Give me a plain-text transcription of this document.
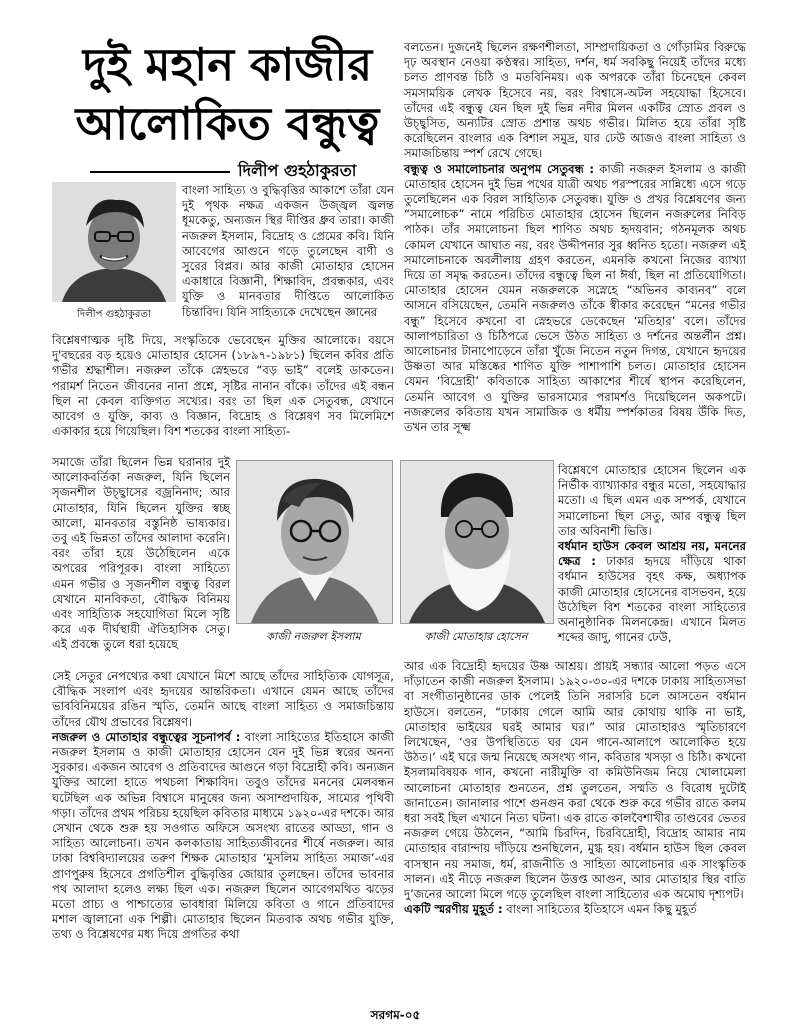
দুই মহান কাজীর
আলোকিত বন্ধুত্ব
দিলীপ গুহঠাকুরতা
দিলীপ গুহঠাকুরতা

বাংলা সাহিত্য ও বুদ্ধিবৃত্তির আকাশে তাঁরা যেন দুই পৃথক নক্ষত্র একজন উজ্জ্বল জ্বলন্ত ধূমকেতু, অন্যজন স্থির দীপ্তির ধ্রুব তারা। কাজী নজরুল ইসলাম, বিদ্রোহ ও প্রেমের কবি। যিনি আবেগের আগুনে গড়ে তুলেছেন বাণী ও সুরের বিপ্লব। আর কাজী মোতাহার হোসেন একাধারে বিজ্ঞানী, শিক্ষাবিদ, প্রবন্ধকার, এবং যুক্তি ও মানবতার দীপ্তিতে আলোকিত চিন্তাবিদ। যিনি সাহিত্যকে দেখেছেন জ্ঞানের

বিশ্লেষণাত্মক দৃষ্টি দিয়ে, সংস্কৃতিকে ভেবেছেন মুক্তির আলোকে। বয়সে দু'বছরের বড় হয়েও মোতাহার হোসেন (১৮৯৭-১৯৮১) ছিলেন কবির প্রতি গভীর শ্রদ্ধাশীল। নজরুল তাঁকে স্নেহভরে “বড় ভাই” বলেই ডাকতেন। পরামর্শ নিতেন জীবনের নানা প্রশ্নে, সৃষ্টির নানান বাঁকে। তাঁদের এই বন্ধন ছিল না কেবল ব্যক্তিগত সখ্যের। বরং তা ছিল এক সেতুবন্ধ, যেখানে আবেগ ও যুক্তি, কাব্য ও বিজ্ঞান, বিদ্রোহ ও বিশ্লেষণ সব মিলেমিশে একাকার হয়ে গিয়েছিল। বিশ শতকের বাংলা সাহিত্য-

সমাজে তাঁরা ছিলেন ভিন্ন ঘরানার দুই আলোকবর্তিকা নজরুল, যিনি ছিলেন সৃজনশীল উচ্ছ্বাসের বজ্রনিনাদ; আর মোতাহার, যিনি ছিলেন যুক্তির স্বচ্ছ আলো, মানবতার বস্তুনিষ্ঠ ভাষ্যকার। তবু এই ভিন্নতা তাঁদের আলাদা করেনি। বরং তাঁরা হয়ে উঠেছিলেন একে অপরের পরিপূরক। বাংলা সাহিত্যে এমন গভীর ও সৃজনশীল বন্ধুত্ব বিরল যেখানে মানবিকতা, বৌদ্ধিক বিনিময় এবং সাহিত্যিক সহযোগিতা মিলে সৃষ্টি করে এক দীর্ঘস্থায়ী ঐতিহাসিক সেতু। এই প্রবন্ধে তুলে ধরা হয়েছে

কাজী নজরুল ইসলাম	কাজী মোতাহার হোসেন

সেই সেতুর নেপথ্যের কথা যেখানে মিশে আছে তাঁদের সাহিত্যিক যোগসূত্র, বৌদ্ধিক সংলাপ এবং হৃদয়ের আন্তরিকতা। এখানে যেমন আছে তাঁদের ভাববিনিময়ের রঙিন স্মৃতি, তেমনি আছে বাংলা সাহিত্য ও সমাজচিন্তায় তাঁদের যৌথ প্রভাবের বিশ্লেষণ।

নজরুল ও মোতাহার বন্ধুত্বের সূচনাপর্ব : বাংলা সাহিত্যের ইতিহাসে কাজী নজরুল ইসলাম ও কাজী মোতাহার হোসেন যেন দুই ভিন্ন স্বরের অনন্য সুরকার। একজন আবেগ ও প্রতিবাদের আগুনে গড়া বিদ্রোহী কবি। অন্যজন যুক্তির আলো হাতে পথচলা শিক্ষাবিদ। তবুও তাঁদের মননের মেলবন্ধন ঘটেছিল এক অভিন্ন বিশ্বাসে মানুষের জন্য অসাম্প্রদায়িক, সাম্যের পৃথিবী গড়া। তাঁদের প্রথম পরিচয় হয়েছিল কবিতার মাধ্যমে ১৯২০-এর দশকে। আর সেখান থেকে শুরু হয় সওগাত অফিসে অসংখ্য রাতের আড্ডা, গান ও সাহিত্য আলোচনা। তখন কলকাতায় সাহিত্যজীবনের শীর্ষে নজরুল। আর ঢাকা বিশ্ববিদ্যালয়ের তরুণ শিক্ষক মোতাহার ‘মুসলিম সাহিত্য সমাজ’-এর প্রাণপুরুষ হিসেবে প্রগতিশীল বুদ্ধিবৃত্তির জোয়ার তুলছেন। তাঁদের ভাবনার পথ আলাদা হলেও লক্ষ্য ছিল এক। নজরুল ছিলেন আবেগমথিত ঝড়ের মতো প্রাচ্য ও পাশ্চাত্যের ভাবধারা মিলিয়ে কবিতা ও গানে প্রতিবাদের মশাল জ্বালানো এক শিল্পী। মোতাহার ছিলেন মিতবাক অথচ গভীর যুক্তি, তথ্য ও বিশ্লেষণের মধ্য দিয়ে প্রগতির কথা

বলতেন। দুজনেই ছিলেন রক্ষণশীলতা, সাম্প্রদায়িকতা ও গোঁড়ামির বিরুদ্ধে দৃঢ় অবস্থান নেওয়া কণ্ঠস্বর। সাহিত্য, দর্শন, ধর্ম সবকিছু নিয়েই তাঁদের মধ্যে চলত প্রাণবন্ত চিঠি ও মতবিনিময়। এক অপরকে তাঁরা চিনেছেন কেবল সমসাময়িক লেখক হিসেবে নয়, বরং বিশ্বাসে-অটল সহযোদ্ধা হিসেবে। তাঁদের এই বন্ধুত্ব যেন ছিল দুই ভিন্ন নদীর মিলন একটির স্রোত প্রবল ও উচ্ছ্বসিত, অন্যটির স্রোত প্রশান্ত অথচ গভীর। মিলিত হয়ে তাঁরা সৃষ্টি করেছিলেন বাংলার এক বিশাল সমুদ্র, যার ঢেউ আজও বাংলা সাহিত্য ও সমাজচিন্তায় স্পর্শ রেখে গেছে।

বন্ধুত্ব ও সমালোচনার অনুপম সেতুবন্ধ : কাজী নজরুল ইসলাম ও কাজী মোতাহার হোসেন দুই ভিন্ন পথের যাত্রী অথচ পরস্পরের সান্নিধ্যে এসে গড়ে তুলেছিলেন এক বিরল সাহিত্যিক সেতুবন্ধ। যুক্তি ও প্রখর বিশ্লেষণের জন্য “সমালোচক” নামে পরিচিত মোতাহার হোসেন ছিলেন নজরুলের নিবিড় পাঠক। তাঁর সমালোচনা ছিল শাণিত অথচ হৃদয়বান; গঠনমূলক অথচ কোমল যেখানে আঘাত নয়, বরং উদ্দীপনার সুর ধ্বনিত হতো। নজরুল এই সমালোচনাকে অবলীলায় গ্রহণ করতেন, এমনকি কখনো নিজের ব্যাখ্যা দিয়ে তা সমৃদ্ধ করতেন। তাঁদের বন্ধুত্বে ছিল না ঈর্ষা, ছিল না প্রতিযোগিতা। মোতাহার হোসেন যেমন নজরুলকে সস্নেহে “অভিনব কাব্যনব” বলে আসনে বসিয়েছেন, তেমনি নজরুলও তাঁকে স্বীকার করেছেন “মনের গভীর বন্ধু” হিসেবে কখনো বা স্নেহভরে ডেকেছেন ‘মতিহার’ বলে। তাঁদের আলাপচারিতা ও চিঠিপত্রে ভেসে উঠত সাহিত্য ও দর্শনের অন্তর্লীন প্রশ্ন। আলোচনার টানাপোড়েনে তাঁরা খুঁজে নিতেন নতুন দিগন্ত, যেখানে হৃদয়ের উষ্ণতা আর মস্তিষ্কের শাণিত যুক্তি পাশাপাশি চলত। মোতাহার হোসেন যেমন ‘বিদ্রোহী’ কবিতাকে সাহিত্য আকাশের শীর্ষে স্থাপন করেছিলেন, তেমনি আবেগ ও যুক্তির ভারসাম্যের পরামর্শও দিয়েছিলেন অকপটে। নজরুলের কবিতায় যখন সামাজিক ও ধর্মীয় স্পর্শকাতর বিষয় উঁকি দিত, তখন তার সূক্ষ্ম

বিশ্লেষণে মোতাহার হোসেন ছিলেন এক নির্ভীক ব্যাখ্যাকার বন্ধুর মতো, সহযোদ্ধার মতো। এ ছিল এমন এক সম্পর্ক, যেখানে সমালোচনা ছিল সেতু, আর বন্ধুত্ব ছিল তার অবিনাশী ভিত্তি।

বর্ধমান হাউস কেবল আশ্রয় নয়, মননের ক্ষেত্র : ঢাকার হৃদয়ে দাঁড়িয়ে থাকা বর্ধমান হাউসের বৃহৎ কক্ষ, অধ্যাপক কাজী মোতাহার হোসেনের বাসভবন, হয়ে উঠেছিল বিশ শতকের বাংলা সাহিত্যের অনানুষ্ঠানিক মিলনকেন্দ্র। এখানে মিলত শব্দের জাদু, গানের ঢেউ,

আর এক বিদ্রোহী হৃদয়ের উষ্ণ আশ্রয়। প্রায়ই সন্ধ্যার আলো পড়ত এসে দাঁড়াতেন কাজী নজরুল ইসলাম। ১৯২০-৩০-এর দশকে ঢাকায় সাহিত্যসভা বা সংগীতানুষ্ঠানের ডাক পেলেই তিনি সরাসরি চলে আসতেন বর্ধমান হাউসে। বলতেন, “ঢাকায় গেলে আমি আর কোথায় থাকি না ভাই, মোতাহার ভাইয়ের ঘরই আমার ঘর।” আর মোতাহারও স্মৃতিচারণে লিখেছেন, ‘ওর উপস্থিতিতে ঘর যেন গানে-আলাপে আলোকিত হয়ে উঠত।’ এই ঘরে জন্ম নিয়েছে অসংখ্য গান, কবিতার খসড়া ও চিঠি। কখনো ইসলামবিষয়ক গান, কখনো নারীমুক্তি বা কমিউনিজম নিয়ে খোলামেলা আলোচনা মোতাহার শুনতেন, প্রশ্ন তুলতেন, সম্মতি ও বিরোধ দুটোই জানাতেন। জানালার পাশে গুনগুন করা থেকে শুরু করে গভীর রাতে কলম ধরা সবই ছিল এখানে নিত্য ঘটনা। এক রাতে কালবৈশাখীর তাণ্ডবের ভেতর নজরুল গেয়ে উঠলেন, “আমি চিরদিন, চিরবিদ্রোহী, বিদ্রোহ আমার নাম মোতাহার বারান্দায় দাঁড়িয়ে শুনছিলেন, মুগ্ধ হয়। বর্ধমান হাউস ছিল কেবল বাসস্থান নয় সমাজ, ধর্ম, রাজনীতি ও সাহিত্য আলোচনার এক সাংস্কৃতিক সালন। এই নীড়ে নজরুল ছিলেন উত্তপ্ত আগুন, আর মোতাহার স্থির বাতি দু’জনের আলো মিলে গড়ে তুলেছিল বাংলা সাহিত্যের এক অমোঘ দৃশ্যপট।

একটি স্মরণীয় মুহূর্ত : বাংলা সাহিত্যের ইতিহাসে এমন কিছু মুহূর্ত

সরগম-০৫
